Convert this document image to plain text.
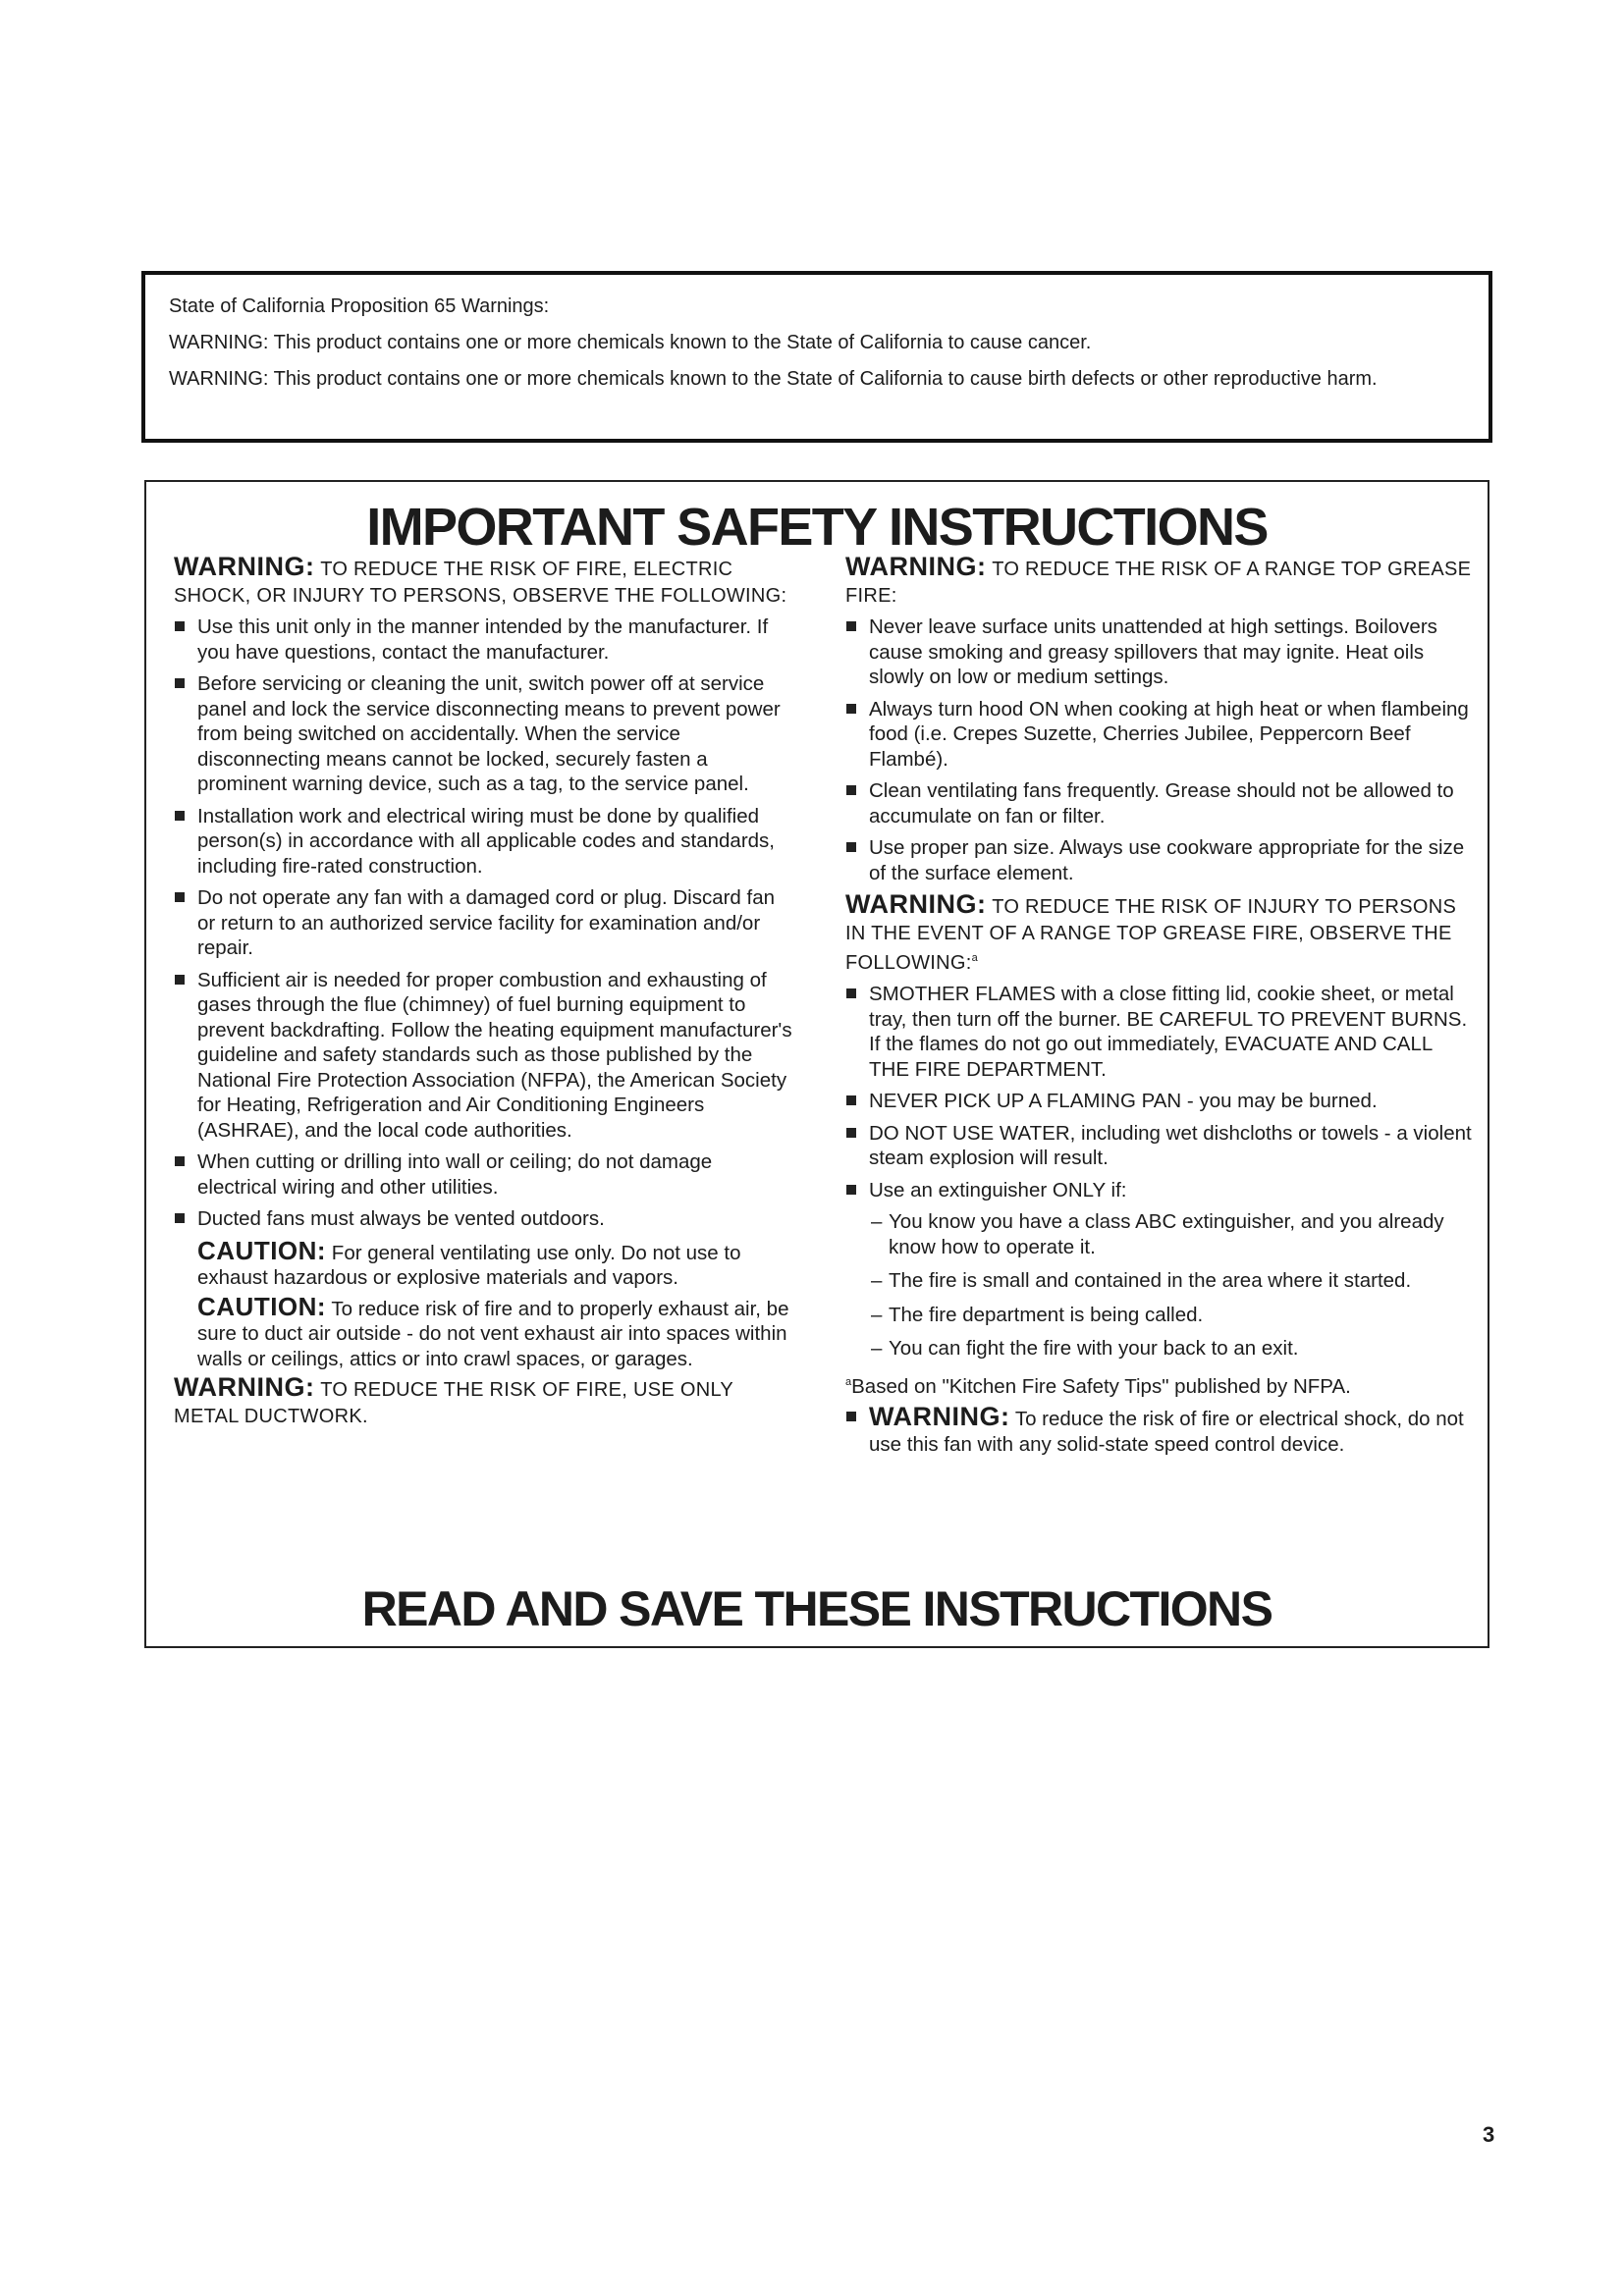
State of California Proposition 65 Warnings:

WARNING: This product contains one or more chemicals known to the State of California to cause cancer.

WARNING: This product contains one or more chemicals known to the State of California to cause birth defects or other reproductive harm.

IMPORTANT SAFETY INSTRUCTIONS

WARNING: TO REDUCE THE RISK OF FIRE, ELECTRIC SHOCK, OR INJURY TO PERSONS, OBSERVE THE FOLLOWING:

Use this unit only in the manner intended by the manufacturer. If you have questions, contact the manufacturer.
Before servicing or cleaning the unit, switch power off at service panel and lock the service disconnecting means to prevent power from being switched on accidentally. When the service disconnecting means cannot be locked, securely fasten a prominent warning device, such as a tag, to the service panel.
Installation work and electrical wiring must be done by qualified person(s) in accordance with all applicable codes and standards, including fire-rated construction.
Do not operate any fan with a damaged cord or plug. Discard fan or return to an authorized service facility for examination and/or repair.
Sufficient air is needed for proper combustion and exhausting of gases through the flue (chimney) of fuel burning equipment to prevent backdrafting. Follow the heating equipment manufacturer's guideline and safety standards such as those published by the National Fire Protection Association (NFPA), the American Society for Heating, Refrigeration and Air Conditioning Engineers (ASHRAE), and the local code authorities.
When cutting or drilling into wall or ceiling; do not damage electrical wiring and other utilities.
Ducted fans must always be vented outdoors.

CAUTION: For general ventilating use only. Do not use to exhaust hazardous or explosive materials and vapors.

CAUTION: To reduce risk of fire and to properly exhaust air, be sure to duct air outside - do not vent exhaust air into spaces within walls or ceilings, attics or into crawl spaces, or garages.

WARNING: TO REDUCE THE RISK OF FIRE, USE ONLY METAL DUCTWORK.

WARNING: TO REDUCE THE RISK OF A RANGE TOP GREASE FIRE:

Never leave surface units unattended at high settings. Boilovers cause smoking and greasy spillovers that may ignite. Heat oils slowly on low or medium settings.
Always turn hood ON when cooking at high heat or when flambeing food (i.e. Crepes Suzette, Cherries Jubilee, Peppercorn Beef Flambé).
Clean ventilating fans frequently. Grease should not be allowed to accumulate on fan or filter.
Use proper pan size. Always use cookware appropriate for the size of the surface element.

WARNING: TO REDUCE THE RISK OF INJURY TO PERSONS IN THE EVENT OF A RANGE TOP GREASE FIRE, OBSERVE THE FOLLOWING:$^a$

SMOTHER FLAMES with a close fitting lid, cookie sheet, or metal tray, then turn off the burner. BE CAREFUL TO PREVENT BURNS. If the flames do not go out immediately, EVACUATE AND CALL THE FIRE DEPARTMENT.
NEVER PICK UP A FLAMING PAN - you may be burned.
DO NOT USE WATER, including wet dishcloths or towels - a violent steam explosion will result.
Use an extinguisher ONLY if:
– You know you have a class ABC extinguisher, and you already know how to operate it.
– The fire is small and contained in the area where it started.
– The fire department is being called.
– You can fight the fire with your back to an exit.

$^a$Based on "Kitchen Fire Safety Tips" published by NFPA.

WARNING: To reduce the risk of fire or electrical shock, do not use this fan with any solid-state speed control device.
READ AND SAVE THESE INSTRUCTIONS
3
